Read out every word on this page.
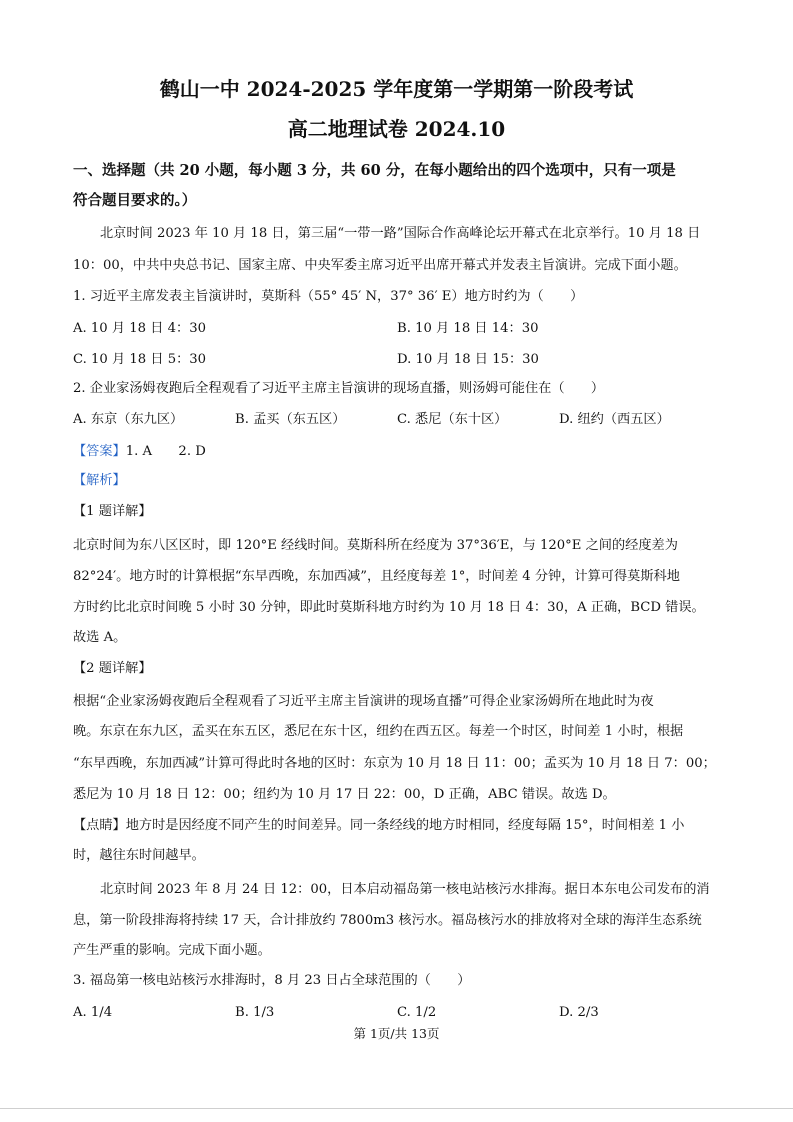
鹤山一中 2024-2025 学年度第一学期第一阶段考试
高二地理试卷 2024.10
一、选择题（共 20 小题，每小题 3 分，共 60 分，在每小题给出的四个选项中，只有一项是
符合题目要求的。）
北京时间 2023 年 10 月 18 日，第三届“一带一路”国际合作高峰论坛开幕式在北京举行。10 月 18 日
10：00，中共中央总书记、国家主席、中央军委主席习近平出席开幕式并发表主旨演讲。完成下面小题。
1. 习近平主席发表主旨演讲时，莫斯科（55° 45′ N，37° 36′ E）地方时约为（　　）
A. 10 月 18 日 4：30	B. 10 月 18 日 14：30
C. 10 月 18 日 5：30	D. 10 月 18 日 15：30
2. 企业家汤姆夜跑后全程观看了习近平主席主旨演讲的现场直播，则汤姆可能住在（　　）
A. 东京（东九区）	B. 孟买（东五区）	C. 悉尼（东十区）	D. 纽约（西五区）
【答案】1. A　　2. D
【解析】
【1 题详解】
北京时间为东八区区时，即 120°E 经线时间。莫斯科所在经度为 37°36′E，与 120°E 之间的经度差为
82°24′。地方时的计算根据“东早西晚，东加西减”，且经度每差 1°，时间差 4 分钟，计算可得莫斯科地
方时约比北京时间晚 5 小时 30 分钟，即此时莫斯科地方时约为 10 月 18 日 4：30，A 正确，BCD 错误。
故选 A。
【2 题详解】
根据“企业家汤姆夜跑后全程观看了习近平主席主旨演讲的现场直播”可得企业家汤姆所在地此时为夜
晚。东京在东九区，孟买在东五区，悉尼在东十区，纽约在西五区。每差一个时区，时间差 1 小时，根据
“东早西晚，东加西减”计算可得此时各地的区时：东京为 10 月 18 日 11：00；孟买为 10 月 18 日 7：00；
悉尼为 10 月 18 日 12：00；纽约为 10 月 17 日 22：00，D 正确，ABC 错误。故选 D。
【点睛】地方时是因经度不同产生的时间差异。同一条经线的地方时相同，经度每隔 15°，时间相差 1 小
时，越往东时间越早。
北京时间 2023 年 8 月 24 日 12：00，日本启动福岛第一核电站核污水排海。据日本东电公司发布的消
息，第一阶段排海将持续 17 天，合计排放约 7800m3 核污水。福岛核污水的排放将对全球的海洋生态系统
产生严重的影响。完成下面小题。
3. 福岛第一核电站核污水排海时，8 月 23 日占全球范围的（　　）
A. 1/4	B. 1/3	C. 1/2	D. 2/3
第 1页/共 13页
